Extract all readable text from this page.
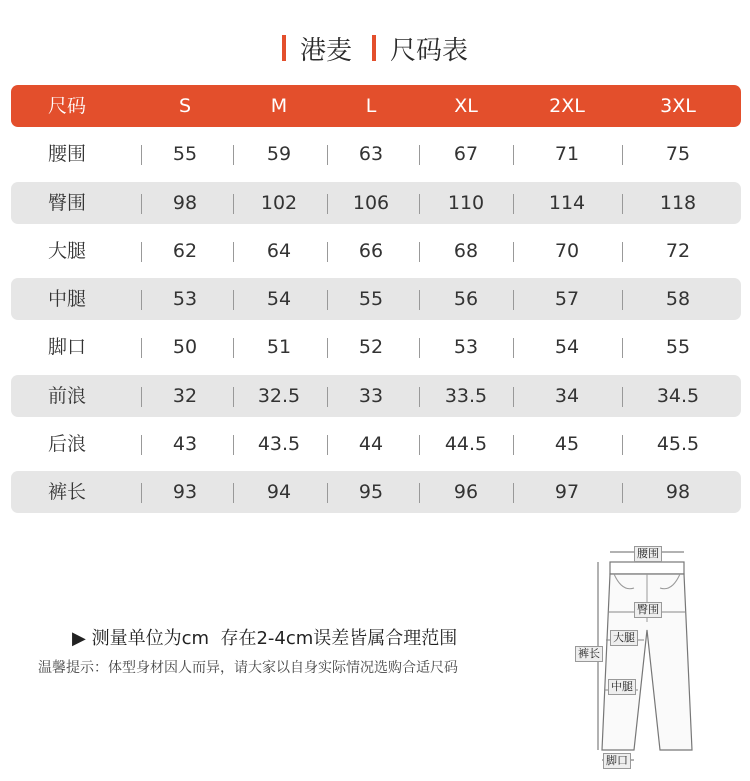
港麦 尺码表
尺码	S	M	L	XL	2XL	3XL
腰围	55	59	63	67	71	75
臀围	98	102	106	110	114	118
大腿	62	64	66	68	70	72
中腿	53	54	55	56	57	58
脚口	50	51	52	53	54	55
前浪	32	32.5	33	33.5	34	34.5
后浪	43	43.5	44	44.5	45	45.5
裤长	93	94	95	96	97	98
▶ 测量单位为cm  存在2-4cm误差皆属合理范围
温馨提示：体型身材因人而异，请大家以自身实际情况选购合适尺码
腰围
臀围
大腿
裤长
中腿
脚口
